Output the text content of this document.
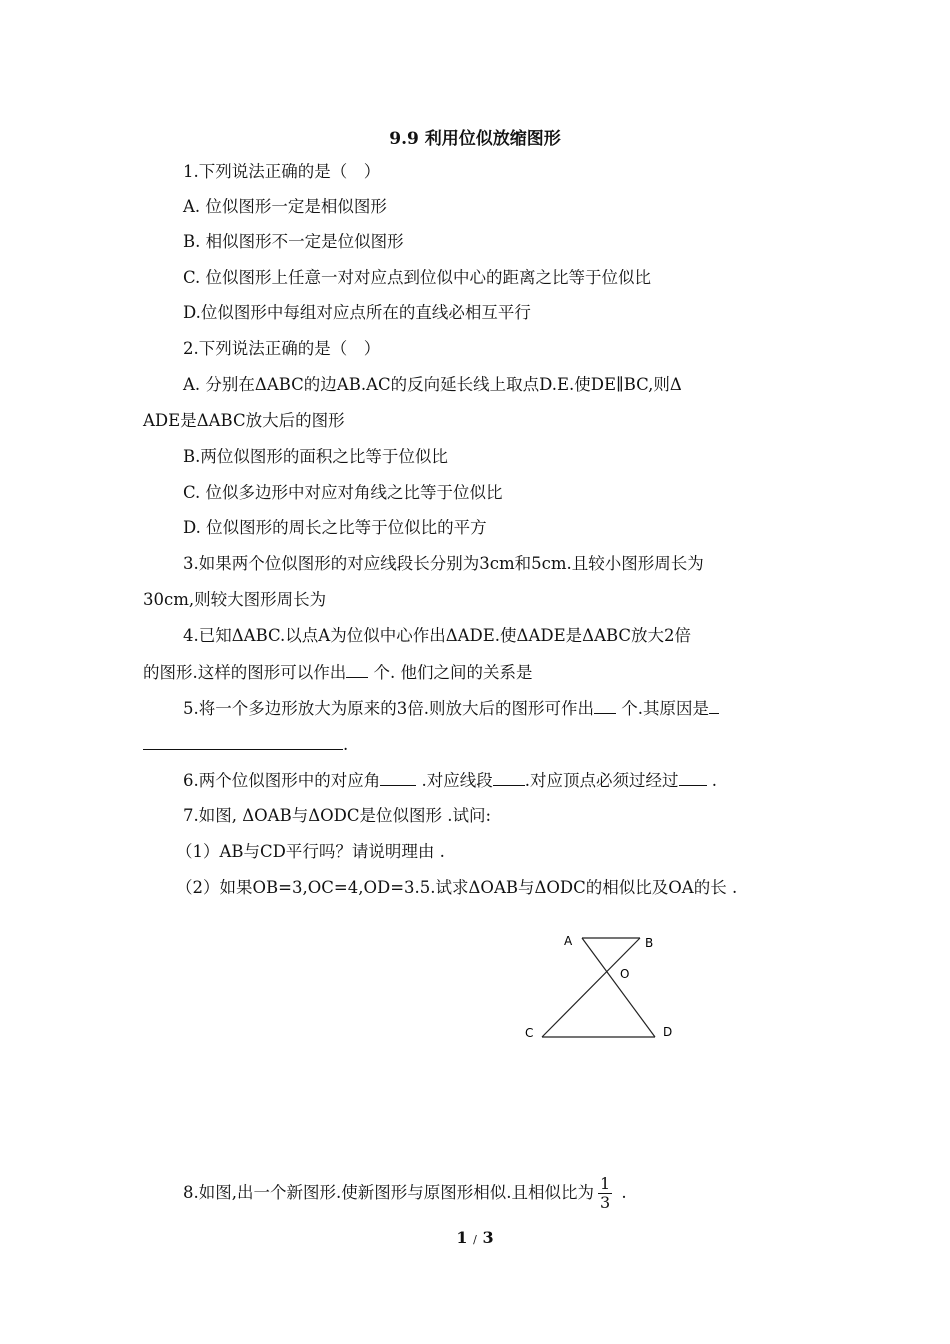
9.9 利用位似放缩图形
1.下列说法正确的是（　）
A. 位似图形一定是相似图形
B. 相似图形不一定是位似图形
C. 位似图形上任意一对对应点到位似中心的距离之比等于位似比
D.位似图形中每组对应点所在的直线必相互平行
2.下列说法正确的是（　）
A. 分别在ΔABC的边AB.AC的反向延长线上取点D.E.使DE∥BC,则Δ
ADE是ΔABC放大后的图形
B.两位似图形的面积之比等于位似比
C. 位似多边形中对应对角线之比等于位似比
D. 位似图形的周长之比等于位似比的平方
3.如果两个位似图形的对应线段长分别为3cm和5cm.且较小图形周长为
30cm,则较大图形周长为
4.已知ΔABC.以点A为位似中心作出ΔADE.使ΔADE是ΔABC放大2倍
的图形.这样的图形可以作出 个. 他们之间的关系是
5.将一个多边形放大为原来的3倍.则放大后的图形可作出 个.其原因是
.
6.两个位似图形中的对应角	.对应线段 .对应顶点必须过经过 .
7.如图, ΔOAB与ΔODC是位似图形 .试问:
（1）AB与CD平行吗？请说明理由 .
（2）如果OB=3,OC=4,OD=3.5.试求ΔOAB与ΔODC的相似比及OA的长 .
A	B
O
C	D
8.如图,出一个新图形.使新图形与原图形相似.且相似比为 $\frac{1}{3}$ .
1 / 3
